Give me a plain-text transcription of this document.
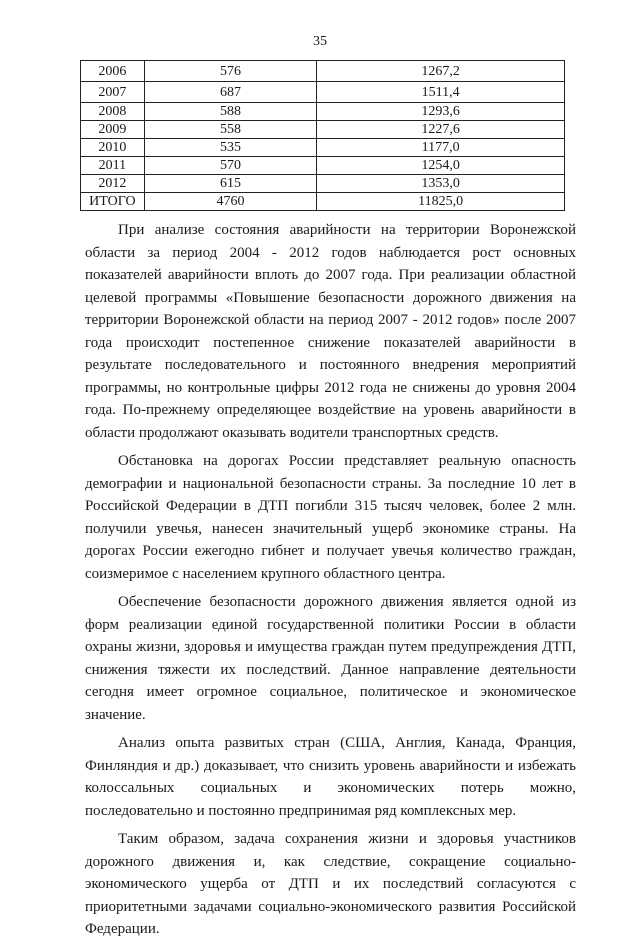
35
2006	576	1267,2
2007	687	1511,4
2008	588	1293,6
2009	558	1227,6
2010	535	1177,0
2011	570	1254,0
2012	615	1353,0
ИТОГО	4760	11825,0

При анализе состояния аварийности на территории Воронежской области за период 2004 - 2012 годов наблюдается рост основных показателей аварийности вплоть до 2007 года. При реализации областной целевой программы «Повышение безопасности дорожного движения на территории Воронежской области на период 2007 - 2012 годов» после 2007 года происходит постепенное снижение показателей аварийности в результате последовательного и постоянного внедрения мероприятий программы, но контрольные цифры 2012 года не снижены до уровня 2004 года. По-прежнему определяющее воздействие на уровень аварийности в области продолжают оказывать водители транспортных средств.

Обстановка на дорогах России представляет реальную опасность демографии и национальной безопасности страны. За последние 10 лет в Российской Федерации в ДТП погибли 315 тысяч человек, более 2 млн. получили увечья, нанесен значительный ущерб экономике страны. На дорогах России ежегодно гибнет и получает увечья количество граждан, соизмеримое с населением крупного областного центра.

Обеспечение безопасности дорожного движения является одной из форм реализации единой государственной политики России в области охраны жизни, здоровья и имущества граждан путем предупреждения ДТП, снижения тяжести их последствий. Данное направление деятельности сегодня имеет огромное социальное, политическое и экономическое значение.

Анализ опыта развитых стран (США, Англия, Канада, Франция, Финляндия и др.) доказывает, что снизить уровень аварийности и избежать колоссальных социальных и экономических потерь можно, последовательно и постоянно предпринимая ряд комплексных мер.

Таким образом, задача сохранения жизни и здоровья участников дорожного движения и, как следствие, сокращение социально-экономического ущерба от ДТП и их последствий согласуются с приоритетными задачами социально-экономического развития Российской Федерации.
